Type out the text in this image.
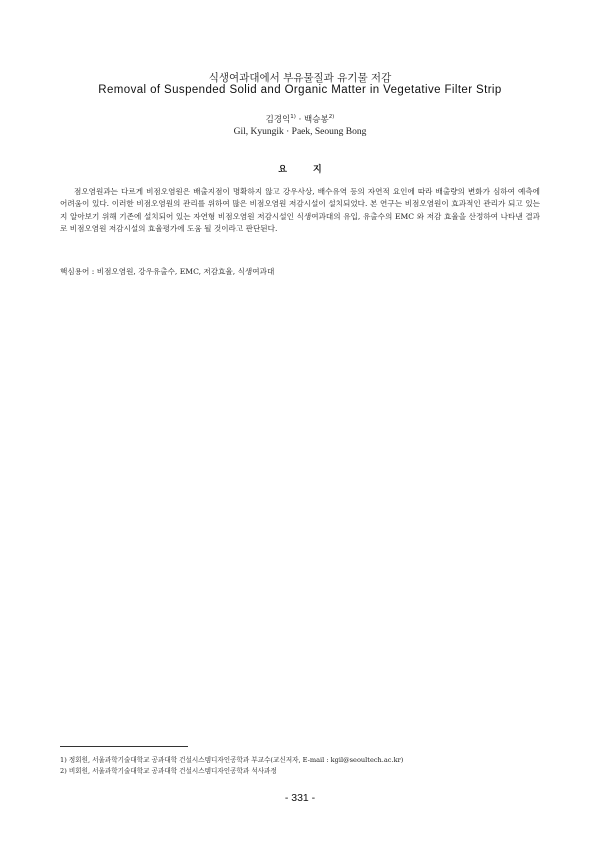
식생여과대에서 부유물질과 유기물 저감
Removal of Suspended Solid and Organic Matter in Vegetative Filter Strip
김경익$^{1)}$ · 백승봉$^{2)}$
Gil, Kyungik · Paek, Seoung Bong
요지

점오염원과는 다르게 비점오염원은 배출지점이 명확하지 않고 강우사상, 배수유역 등의 자연적 요인에 따라 배출량의 변화가 심하여 예측에 어려움이 있다. 이러한 비점오염원의 관리를 위하여 많은 비점오염원 저감시설이 설치되었다. 본 연구는 비점오염원이 효과적인 관리가 되고 있는지 알아보기 위해 기존에 설치되어 있는 자연형 비점오염원 저감시설인 식생여과대의 유입, 유출수의 EMC 와 저감 효율을 산정하여 나타낸 결과로 비점오염원 저감시설의 효율평가에 도움 될 것이라고 판단된다.

핵심용어 : 비점오염원, 강우유출수, EMC, 저감효율, 식생여과대
1) 정회원, 서울과학기술대학교 공과대학 건설시스템디자인공학과 부교수(교신저자, E-mail : kgil@seoultech.ac.kr)
2) 비회원, 서울과학기술대학교 공과대학 건설시스템디자인공학과 석사과정
- 331 -
